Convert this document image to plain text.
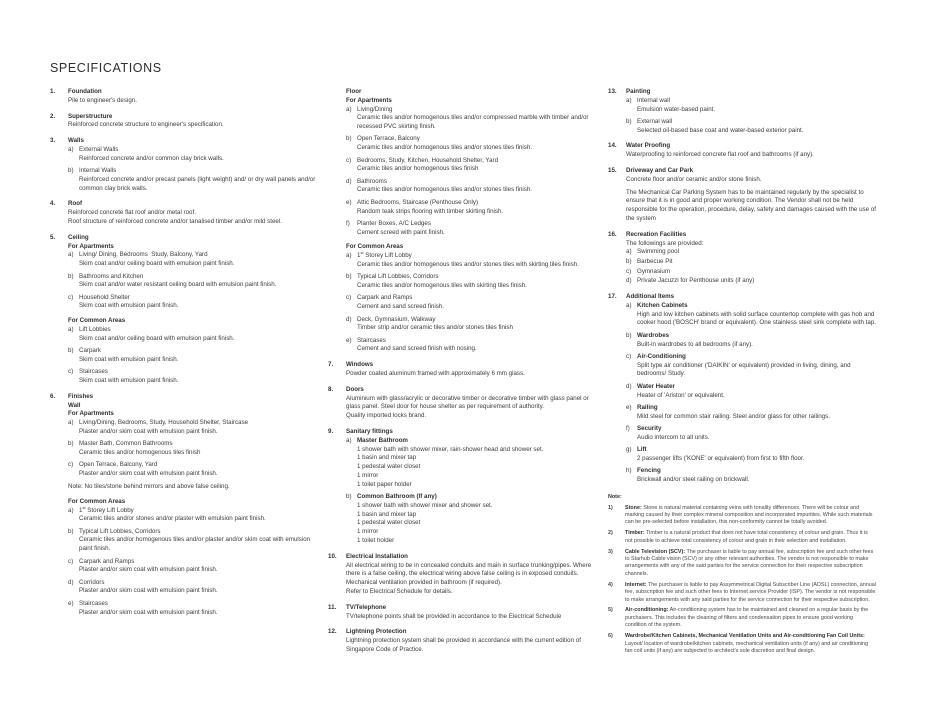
SPECIFICATIONS
1. Foundation
Pile to engineer's design.
2. Superstructure
Reinforced concrete structure to engineer's specification.
3. Walls
a) External Walls
Reinforced concrete and/or common clay brick walls.
b) Internal Walls
Reinforced concrete and/or precast panels (light weight) and/ or dry wall panels and/or common clay brick walls.
4. Roof
Reinforced concrete flat roof and/or metal roof.
Roof structure of reinforced concrete and/or tanalised timber and/or mild steel.
5. Ceiling
For Apartments
a) Living/ Dining, Bedrooms  Study, Balcony, Yard
Skim coat and/or ceiling board with emulsion paint finish.
b) Bathrooms and Kitchen
Skim coat and/or water resistant ceiling board with emulsion paint finish.
c) Household Shelter
Skim coat with emulsion paint finish.
For Common Areas
a) Lift Lobbies
Skim coat and/or ceiling board with emulsion paint finish.
b) Carpark
Skim coat with emulsion paint finish.
c) Staircases
Skim coat with emulsion paint finish.
6. Finishes
Wall
For Apartments
a) Living/Dining, Bedrooms, Study, Household Shelter, Staircase
Plaster and/or skim coat with emulsion paint finish.
b) Master Bath, Common Bathrooms
Ceramic tiles and/or homogenous tiles finish
c) Open Terrace, Balcony, Yard
Plaster and/or skim coat with emulsion paint finish.
Note: No tiles/stone behind mirrors and above false ceiling.
For Common Areas
a) 1st Storey Lift Lobby
Ceramic tiles and/or stones and/or plaster with emulsion paint finish.
b) Typical Lift Lobbies, Corridors
Ceramic tiles and/or homogenous tiles and/or plaster and/or skim coat with emulsion paint finish.
c) Carpark and Ramps
Plaster and/or skim coat with emulsion paint finish.
d) Corridors
Plaster and/or skim coat with emulsion paint finish.
e) Staircases
Plaster and/or skim coat with emulsion paint finish.
Floor
For Apartments
a) Living/Dining
Ceramic tiles and/or homogenous tiles and/or compressed marble with timber and/or recessed PVC skirting finish.
b) Open Terrace, Balcony
Ceramic tiles and/or homogenous tiles and/or stones tiles finish.
c) Bedrooms, Study, Kitchen, Household Shelter, Yard
Ceramic tiles and/or homogenous tiles finish
d) Bathrooms
Ceramic tiles and/or homogenous tiles and/or stones tiles finish.
e) Attic Bedrooms, Staircase (Penthouse Only)
Random teak strips flooring with timber skirting finish.
f) Planter Boxes, A/C Ledges
Cement screed with paint finish.
For Common Areas
a) 1st Storey Lift Lobby
Ceramic tiles and/or homogenous tiles and/or stones tiles with skirting tiles finish.
b) Typical Lift Lobbies, Corridors
Ceramic tiles and/or homogenous tiles with skirting tiles finish.
c) Carpark and Ramps
Cement and sand screed finish.
d) Deck, Gymnasium, Walkway
Timber strip and/or ceramic tiles and/or stones tiles finish
e) Staircases
Cement and sand screed finish with nosing.
7. Windows
Powder coated aluminum framed with approximately 6 mm glass.
8. Doors
Aluminium with glass/acrylic or decorative timber or decorative timber with glass panel or glass panel. Steel door for house shelter as per requirement of authority.
Quality imported locks brand.
9. Sanitary fittings
a) Master Bathroom
1 shower bath with shower mixer, rain-shower head and shower set.
1 basin and mixer tap
1 pedestal water closet
1 mirror
1 toilet paper holder
b) Common Bathroom (If any)
1 shower bath with shower mixer and shower set.
1 basin and mixer tap
1 pedestal water closet
1 mirror
1 toilet holder
10. Electrical Installation
All electrical wiring to be in concealed conduits and main in surface trunking/pipes. Where there is a false ceiling, the electrical wiring above false ceiling is in exposed conduits.
Mechanical ventilation provided in bathroom (if required).
Refer to Electrical Schedule for details.
11. TV/Telephone
TV/telephone points shall be provided in accordance to the Electrical Schedule
12. Lightning Protection
Lightning protection system shall be provided in accordance with the current edition of Singapore Code of Practice.
13. Painting
a) Internal wall
Emulsion water-based paint.
b) External wall
Selected oil-based base coat and water-based exterior paint.
14. Water Proofing
Waterproofing to reinforced concrete flat roof and bathrooms (if any).
15. Driveway and Car Park
Concrete floor and/or ceramic and/or stone finish.
The Mechanical Car Parking System has to be maintained regularly by the specialist to ensure that it is in good and proper working condition. The Vendor shall not be held responsible for the operation, procedure, delay, safety and damages caused with the use of the system
16. Recreation Facilities
The followings are provided:
a) Swimming pool
b) Barbecue Pit
c) Gymnasium
d) Private Jacuzzi for Penthouse units (if any)
17. Additional Items
a) Kitchen Cabinets
High and low kitchen cabinets with solid surface countertop complete with gas hob and cooker hood ('BOSCH' brand or equivalent). One stainless steel sink complete with tap.
b) Wardrobes
Built-in wardrobes to all bedrooms (if any).
c) Air-Conditioning
Split type air conditioner ('DAIKIN' or equivalent) provided in living, dining, and bedrooms/ Study.
d) Water Heater
Heater of 'Ariston' or equivalent.
e) Railing
Mild steel for common stair railing. Steel and/or glass for other railings.
f) Security
Audio intercom to all units.
g) Lift
2 passenger lifts ('KONE' or equivalent) from first to fifth floor.
h) Fencing
Brickwall and/or steel railing on brickwall.
Note:
1) Stone: Stone is natural material containing veins with tonality differences. There will be colour and marking caused by their complex mineral composition and incorporated impurities. While such materials can be pre-selected before installation, this non-conformity cannot be totally avoided.
2) Timber: Timber is a natural product that does not have total consistency of colour and grain. Thus it is not possible to achieve total consistency of colour and grain in their selection and installation.
3) Cable Television (SCV): The purchaser is liable to pay annual fee, subscription fee and such other fees to Starhub Cable vision (SCV) or any other relevant authorities. The vendor is not responsible to make arrangements with any of the said parties for the service connection for their respective subscription channels.
4) Internet: The purchaser is liable to pay Assymmetrical Digital Subscriber Line (ADSL) connection, annual fee, subscription fee and such other fees to Internet service Provider (ISP). The vendor is not responsible to make arrangements with any said parties for the service connection for their respective subscription.
5) Air-conditioning: Air-conditioning system has to be maintained and cleaned on a regular basis by the purchasers. This includes the cleaning of filters and condensation pipes to ensure good working condition of the system.
6) Wardrobe/Kitchen Cabinets, Mechanical Ventilation Units and Air-conditioning Fan Coil Units: Layout/ location of wardrobe/kitchen cabinets, mechanical ventilation units (if any) and air conditioning fan coil units (if any) are subjected to architect's sole discretion and final design.
